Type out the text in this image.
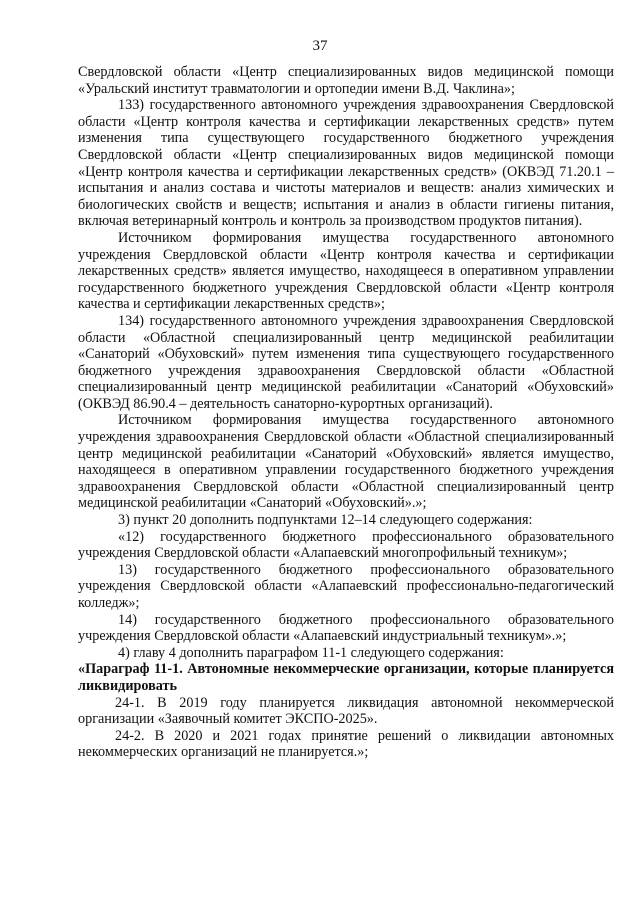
37

Свердловской области «Центр специализированных видов медицинской помощи «Уральский институт травматологии и ортопедии имени В.Д. Чаклина»;

133) государственного автономного учреждения здравоохранения Свердловской области «Центр контроля качества и сертификации лекарственных средств» путем изменения типа существующего государственного бюджетного учреждения Свердловской области «Центр специализированных видов медицинской помощи «Центр контроля качества и сертификации лекарственных средств» (ОКВЭД 71.20.1 – испытания и анализ состава и чистоты материалов и веществ: анализ химических и биологических свойств и веществ; испытания и анализ в области гигиены питания, включая ветеринарный контроль и контроль за производством продуктов питания).

Источником формирования имущества государственного автономного учреждения Свердловской области «Центр контроля качества и сертификации лекарственных средств» является имущество, находящееся в оперативном управлении государственного бюджетного учреждения Свердловской области «Центр контроля качества и сертификации лекарственных средств»;

134) государственного автономного учреждения здравоохранения Свердловской области «Областной специализированный центр медицинской реабилитации «Санаторий «Обуховский» путем изменения типа существующего государственного бюджетного учреждения здравоохранения Свердловской области «Областной специализированный центр медицинской реабилитации «Санаторий «Обуховский» (ОКВЭД 86.90.4 – деятельность санаторно-курортных организаций).

Источником формирования имущества государственного автономного учреждения здравоохранения Свердловской области «Областной специализированный центр медицинской реабилитации «Санаторий «Обуховский» является имущество, находящееся в оперативном управлении государственного бюджетного учреждения здравоохранения Свердловской области «Областной специализированный центр медицинской реабилитации «Санаторий «Обуховский».»;

3) пункт 20 дополнить подпунктами 12–14 следующего содержания:

«12) государственного бюджетного профессионального образовательного учреждения Свердловской области «Алапаевский многопрофильный техникум»;

13) государственного бюджетного профессионального образовательного учреждения Свердловской области «Алапаевский профессионально-педагогический колледж»;

14) государственного бюджетного профессионального образовательного учреждения Свердловской области «Алапаевский индустриальный техникум».»;

4) главу 4 дополнить параграфом 11-1 следующего содержания:

«Параграф 11-1. Автономные некоммерческие организации, которые планируется ликвидировать

24-1. В 2019 году планируется ликвидация автономной некоммерческой организации «Заявочный комитет ЭКСПО-2025».

24-2. В 2020 и 2021 годах принятие решений о ликвидации автономных некоммерческих организаций не планируется.»;
